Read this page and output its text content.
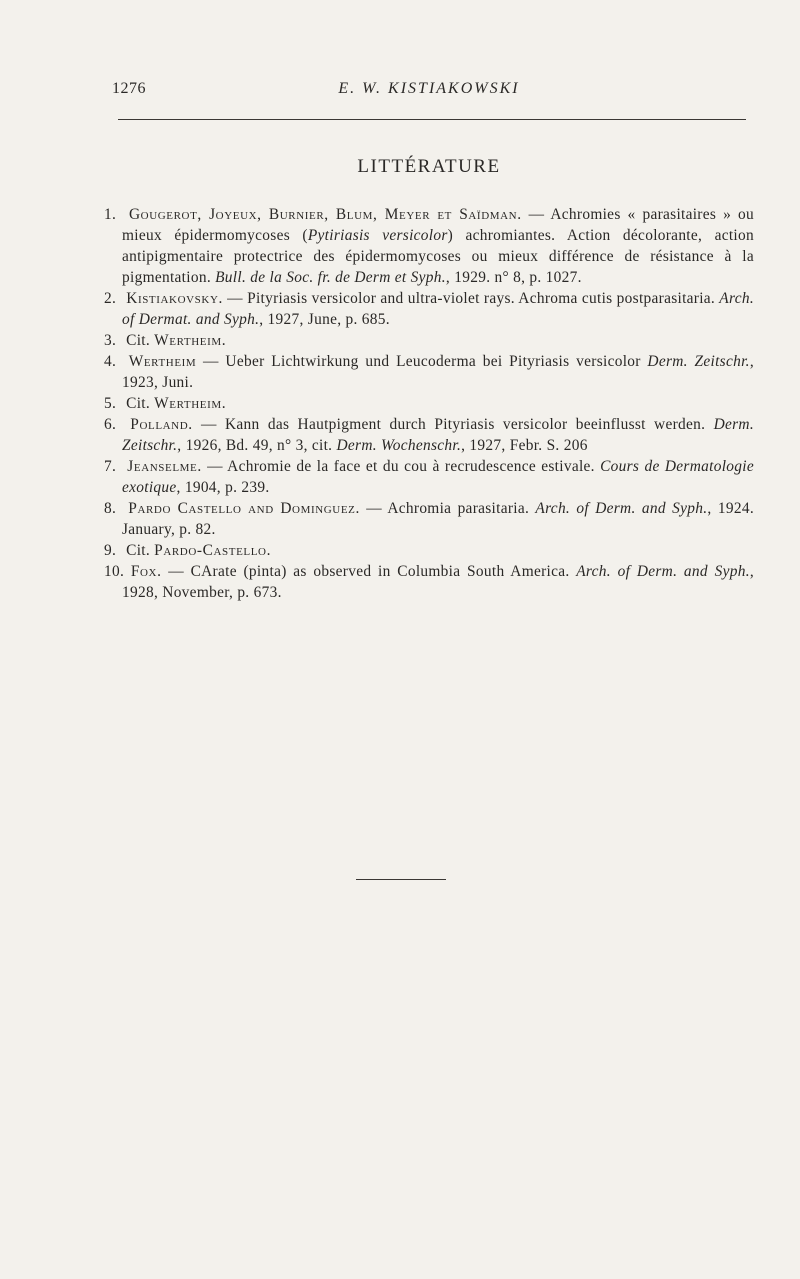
1276	E. W. KISTIAKOWSKI
LITTÉRATURE
1. Gougerot, Joyeux, Burnier, Blum, Meyer et Saïdman. — Achromies « parasitaires » ou mieux épidermomycoses (Pytiriasis versicolor) achromiantes. Action décolorante, action antipigmentaire protectrice des épidermomycoses ou mieux différence de résistance à la pigmentation. Bull. de la Soc. fr. de Derm et Syph., 1929. n° 8, p. 1027.
2. Kistiakovsky. — Pityriasis versicolor and ultra-violet rays. Achroma cutis postparasitaria. Arch. of Dermat. and Syph., 1927, June, p. 685.
3. Cit. Wertheim.
4. Wertheim — Ueber Lichtwirkung und Leucoderma bei Pityriasis versicolor Derm. Zeitschr., 1923, Juni.
5. Cit. Wertheim.
6. Polland. — Kann das Hautpigment durch Pityriasis versicolor beeinflusst werden. Derm. Zeitschr., 1926, Bd. 49, n° 3, cit. Derm. Wochenschr., 1927, Febr. S. 206
7. Jeanselme. — Achromie de la face et du cou à recrudescence estivale. Cours de Dermatologie exotique, 1904, p. 239.
8. Pardo Castello and Dominguez. — Achromia parasitaria. Arch. of Derm. and Syph., 1924. January, p. 82.
9. Cit. Pardo-Castello.
10. Fox. — CArate (pinta) as observed in Columbia South America. Arch. of Derm. and Syph., 1928, November, p. 673.
